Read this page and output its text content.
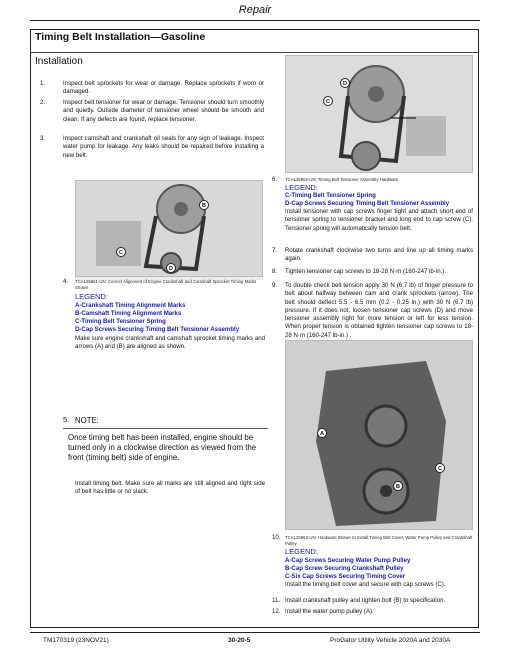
Repair
Timing Belt Installation—Gasoline
Installation
1.	Inspect belt sprockets for wear or damage. Replace sprockets if worn or damaged.
2.	Inspect belt tensioner for wear or damage. Tensioner should turn smoothly and quietly. Outside diameter of tensioner wheel should be smooth and clean. If any defects are found, replace tensioner.
3.	Inspect camshaft and crankshaft oil seals for any sign of leakage. Inspect water pump for leakage. Any leaks should be repaired before installing a new belt.
D
C
6. TCAL25962-UN: Timing Belt Tensioner Assembly Hardware
LEGEND:
C-Timing Belt Tensioner Spring
D-Cap Screws Securing Timing Belt Tensioner Assembly
Install tensioner with cap screws finger tight and attach short end of tensioner spring to tensioner bracket and long end to cap screw (C). Tensioner spring will automatically tension belt.
7. Rotate crankshaft clockwise two turns and line up all timing marks again.
8. Tighten tensioner cap screws to 18-28 N·m (160-247 lb-in.).
9. To double check belt tension apply 30 N (6.7 lb) of finger pressure to belt about halfway between cam and crank sprockets (arrow). The belt should deflect 5.5 - 6.5 mm (0.2 - 0.25 in.) with 30 N (6.7 lb) pressure. If it does not, loosen tensioner cap screws (D) and move tensioner assembly right for more tension or left for less tension. When proper tension is obtained tighten tensioner cap screws to 18-28 N·m (160-247 lb-in.) .
B
C
D
4. TCAL25961-UN: Correct Alignment of Engine Crankshaft and Camshaft Sprocket Timing Marks Shown
LEGEND:
A-Crankshaft Timing Alignment Marks
B-Camshaft Timing Alignment Marks
C-Timing Belt Tensioner Spring
D-Cap Screws Securing Timing Belt Tensioner Assembly
Make sure engine crankshaft and camshaft sprocket timing marks and arrows (A) and (B) are aligned as shown.
5. NOTE:
Once timing belt has been installed, engine should be turned only in a clockwise direction as viewed from the front (timing belt) side of engine.
Install timing belt. Make sure all marks are still aligned and right side of belt has little or no slack.
A
C
B
10. TCAL25963-UN: Hardware Shown to Install Timing Belt Cover, Water Pump Pulley and Crankshaft Pulley
LEGEND:
A-Cap Screws Securing Water Pump Pulley
B-Cap Screw Securing Crankshaft Pulley
C-Six Cap Screws Securing Timing Cover
Install the timing belt cover and secure with cap screws (C).
11. Install crankshaft pulley and tighten bolt (B) to specification.
12. Install the water pump pulley (A).
TM170319 (23NOV21)	30-20-5	ProGator Utility Vehicle 2020A and 2030A
